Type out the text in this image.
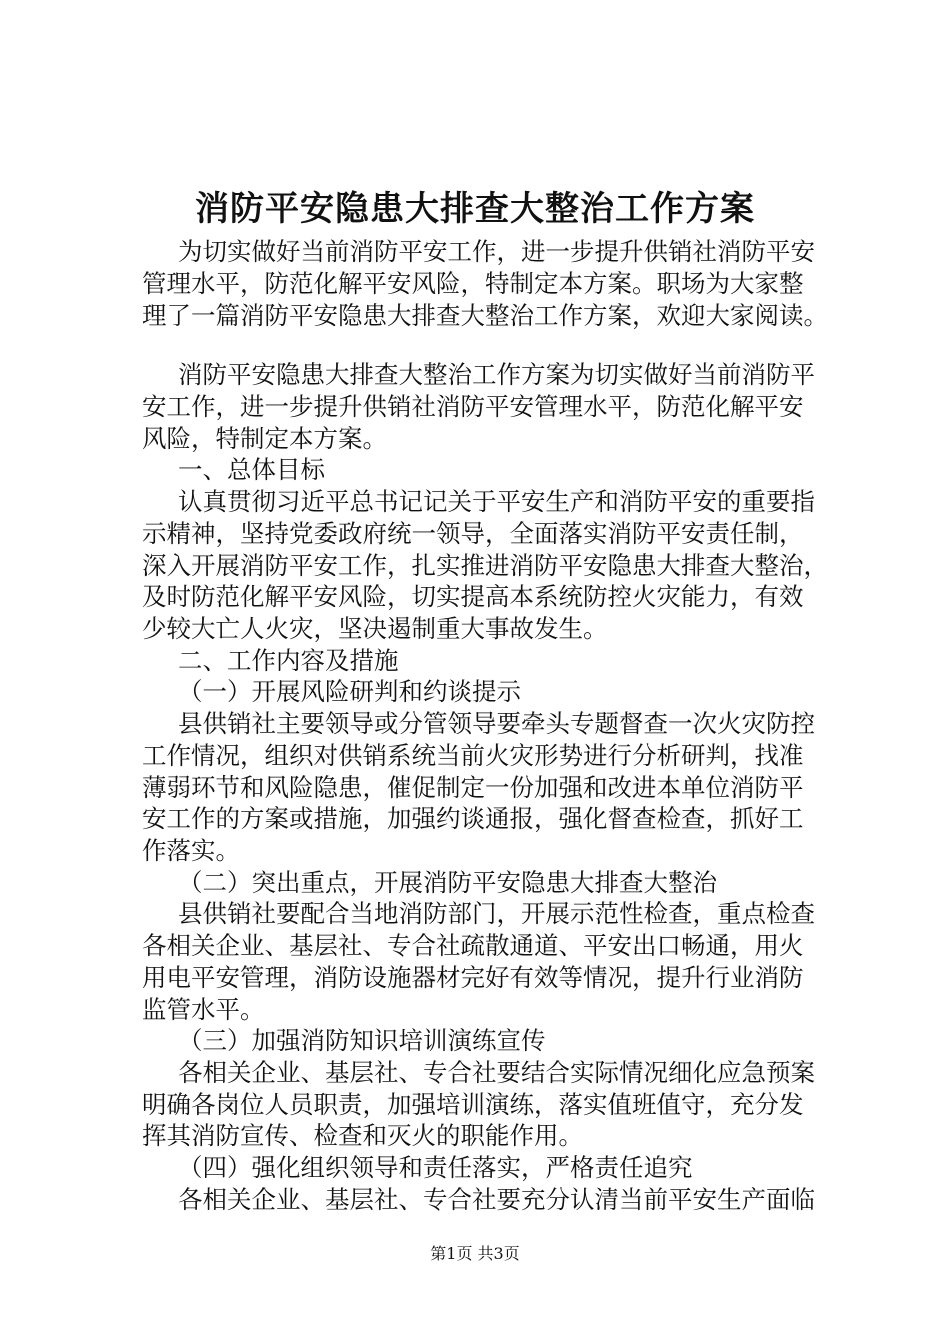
消防平安隐患大排查大整治工作方案
为切实做好当前消防平安工作，进一步提升供销社消防平安
管理水平，防范化解平安风险，特制定本方案。职场为大家整
理了一篇消防平安隐患大排查大整治工作方案，欢迎大家阅读。
消防平安隐患大排查大整治工作方案为切实做好当前消防平
安工作，进一步提升供销社消防平安管理水平，防范化解平安
风险，特制定本方案。
一、总体目标
认真贯彻习近平总书记记关于平安生产和消防平安的重要指
示精神，坚持党委政府统一领导，全面落实消防平安责任制，
深入开展消防平安工作，扎实推进消防平安隐患大排查大整治，
及时防范化解平安风险，切实提高本系统防控火灾能力，有效
少较大亡人火灾，坚决遏制重大事故发生。
二、工作内容及措施
（一）开展风险研判和约谈提示
县供销社主要领导或分管领导要牵头专题督查一次火灾防控
工作情况，组织对供销系统当前火灾形势进行分析研判，找准
薄弱环节和风险隐患，催促制定一份加强和改进本单位消防平
安工作的方案或措施，加强约谈通报，强化督查检查，抓好工
作落实。
（二）突出重点，开展消防平安隐患大排查大整治
县供销社要配合当地消防部门，开展示范性检查，重点检查
各相关企业、基层社、专合社疏散通道、平安出口畅通，用火
用电平安管理，消防设施器材完好有效等情况，提升行业消防
监管水平。
（三）加强消防知识培训演练宣传
各相关企业、基层社、专合社要结合实际情况细化应急预案
明确各岗位人员职责，加强培训演练，落实值班值守，充分发
挥其消防宣传、检查和灭火的职能作用。
（四）强化组织领导和责任落实，严格责任追究
各相关企业、基层社、专合社要充分认清当前平安生产面临
第1页 共3页
